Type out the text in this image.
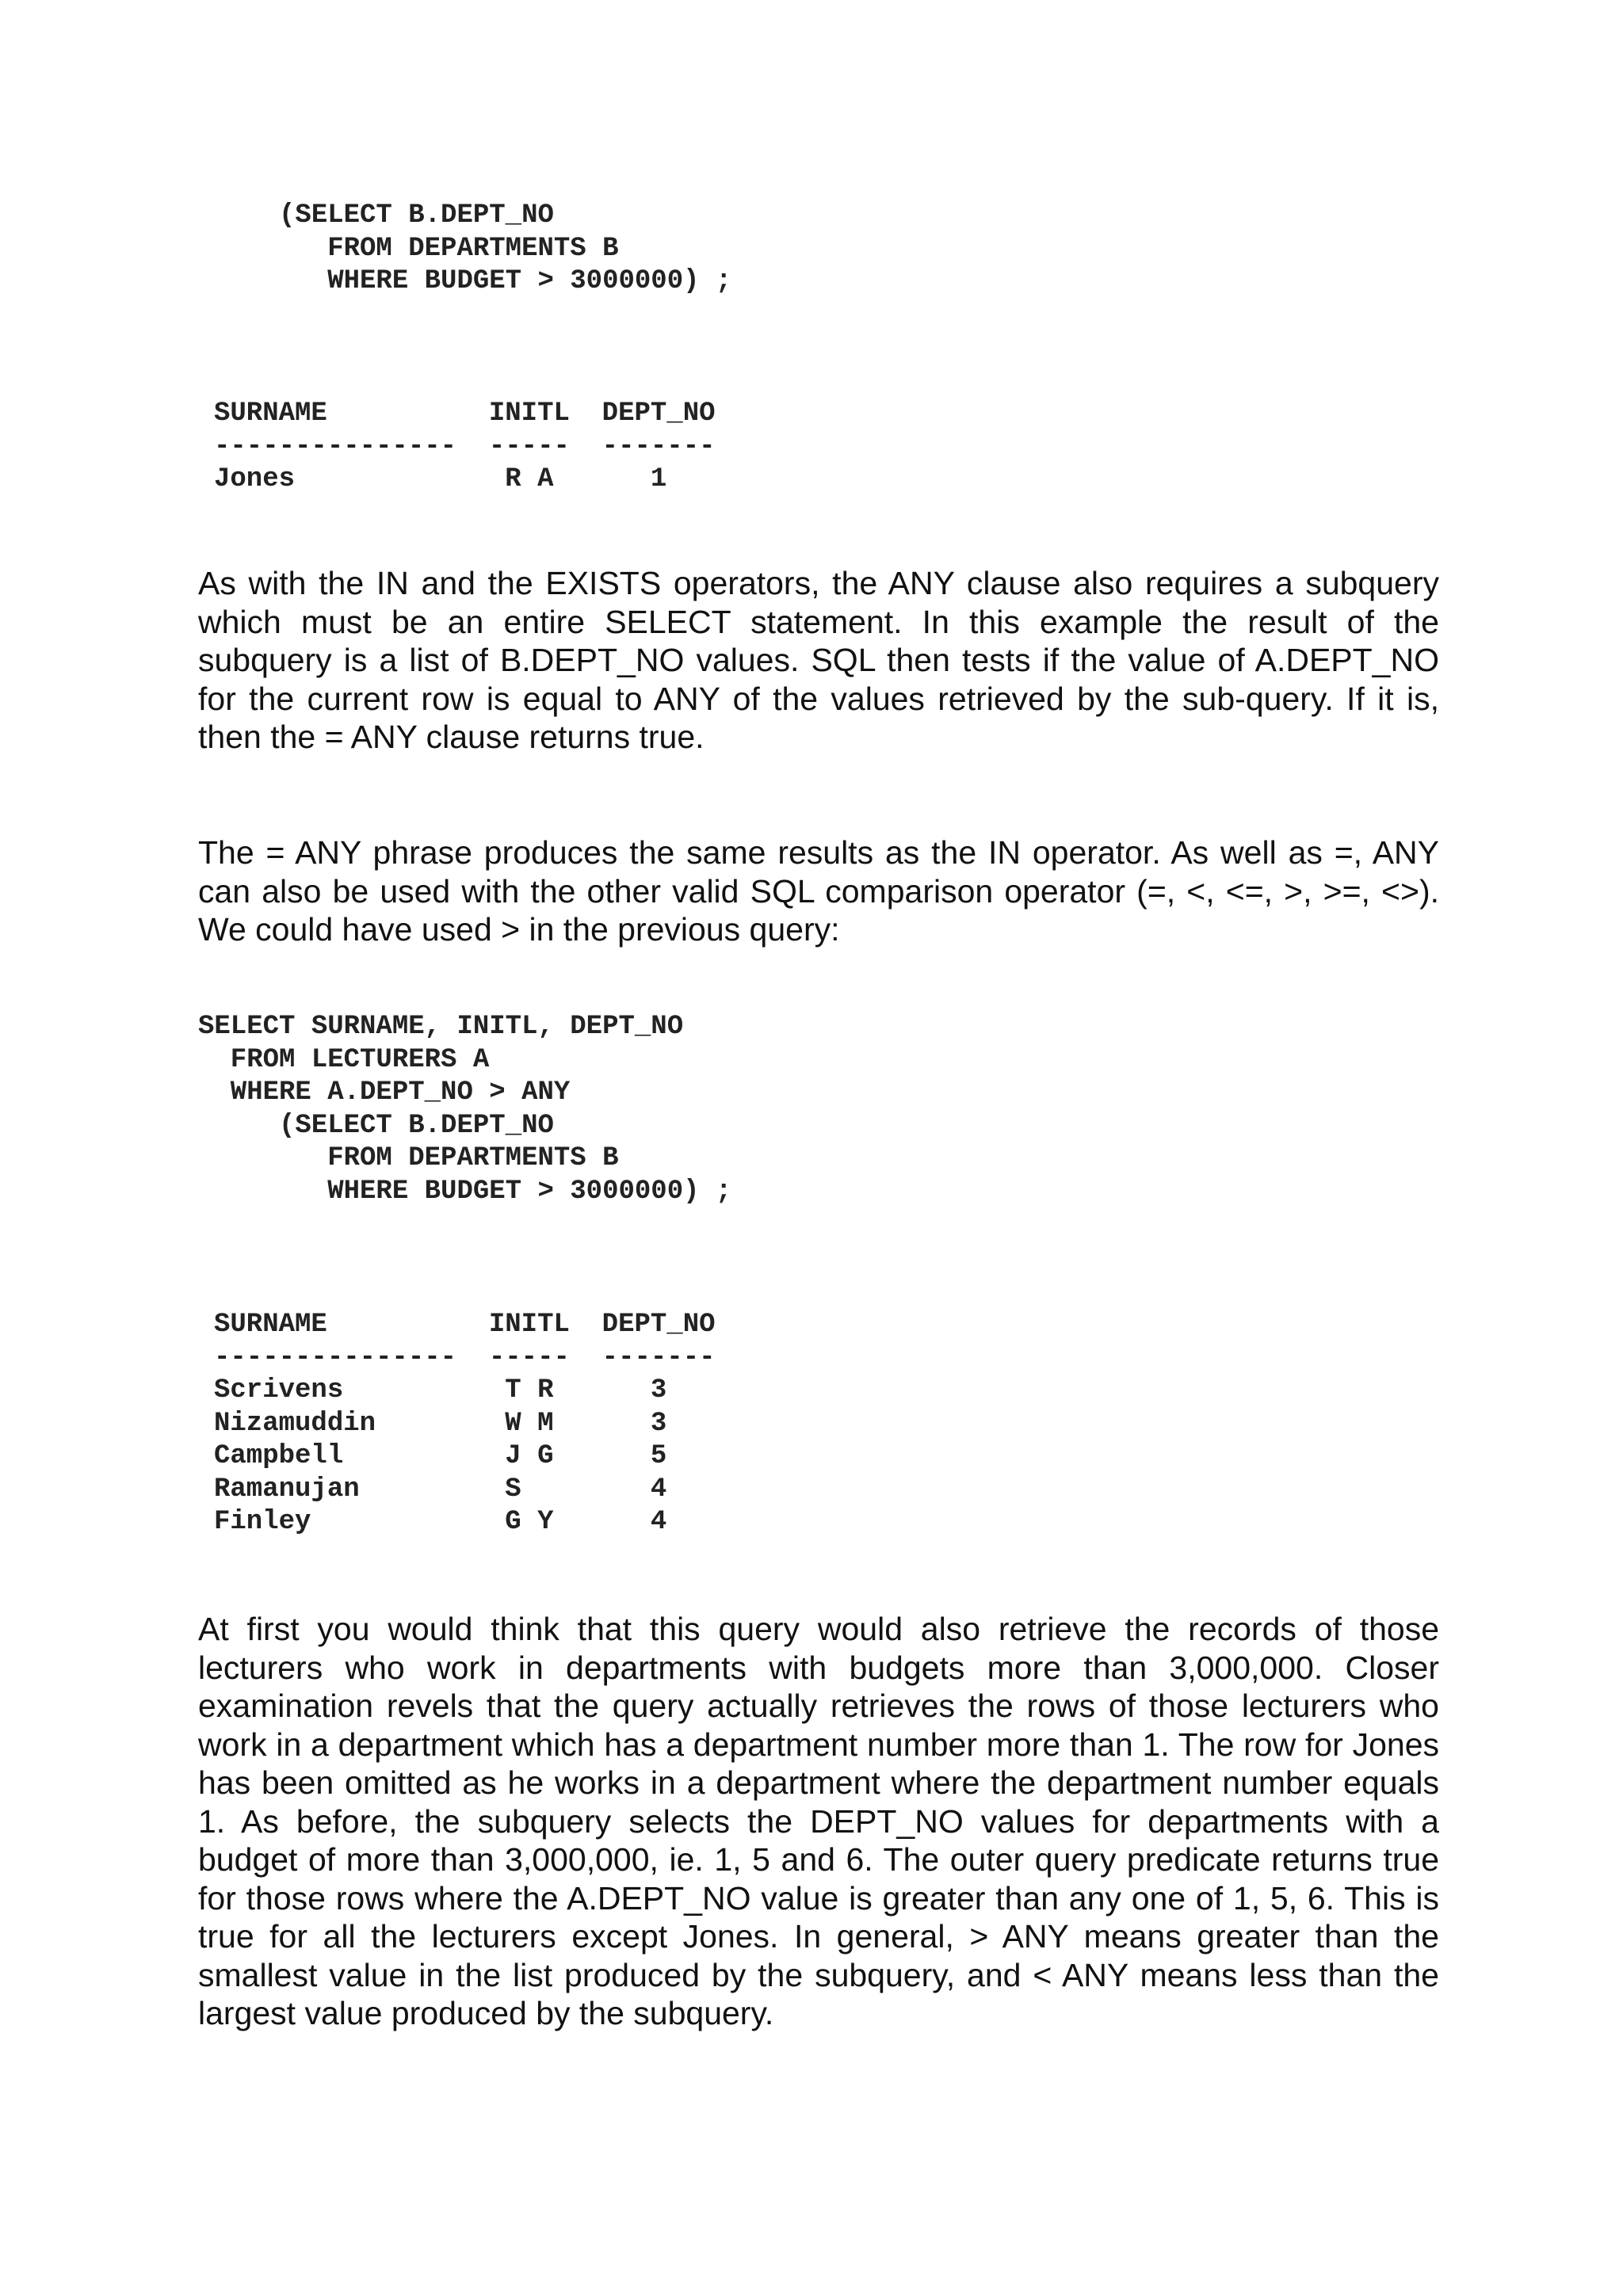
(SELECT B.DEPT_NO
FROM DEPARTMENTS B
WHERE BUDGET > 3000000) ;
SURNAME          INITL  DEPT_NO
---------------  -----  -------
Jones             R A      1

As with the IN and the EXISTS operators, the ANY clause also requires a subquery which must be an entire SELECT statement. In this example the result of the subquery is a list of B.DEPT_NO values. SQL then tests if the value of A.DEPT_NO for the current row is equal to ANY of the values retrieved by the sub-query. If it is, then the = ANY clause returns true.

The = ANY phrase produces the same results as the IN operator. As well as =, ANY can also be used with the other valid SQL comparison operator (=, <, <=, >, >=, <>). We could have used > in the previous query:

SELECT SURNAME, INITL, DEPT_NO
FROM LECTURERS A
WHERE A.DEPT_NO > ANY
(SELECT B.DEPT_NO
FROM DEPARTMENTS B
WHERE BUDGET > 3000000) ;
SURNAME          INITL  DEPT_NO
---------------  -----  -------
Scrivens          T R      3
Nizamuddin        W M      3
Campbell          J G      5
Ramanujan         S        4
Finley            G Y      4

At first you would think that this query would also retrieve the records of those lecturers who work in departments with budgets more than 3,000,000. Closer examination revels that the query actually retrieves the rows of those lecturers who work in a department which has a department number more than 1. The row for Jones has been omitted as he works in a department where the department number equals 1. As before, the subquery selects the DEPT_NO values for departments with a budget of more than 3,000,000, ie. 1, 5 and 6. The outer query predicate returns true for those rows where the A.DEPT_NO value is greater than any one of 1, 5, 6. This is true for all the lecturers except Jones. In general, > ANY means greater than the smallest value in the list produced by the subquery, and < ANY means less than the largest value produced by the subquery.
